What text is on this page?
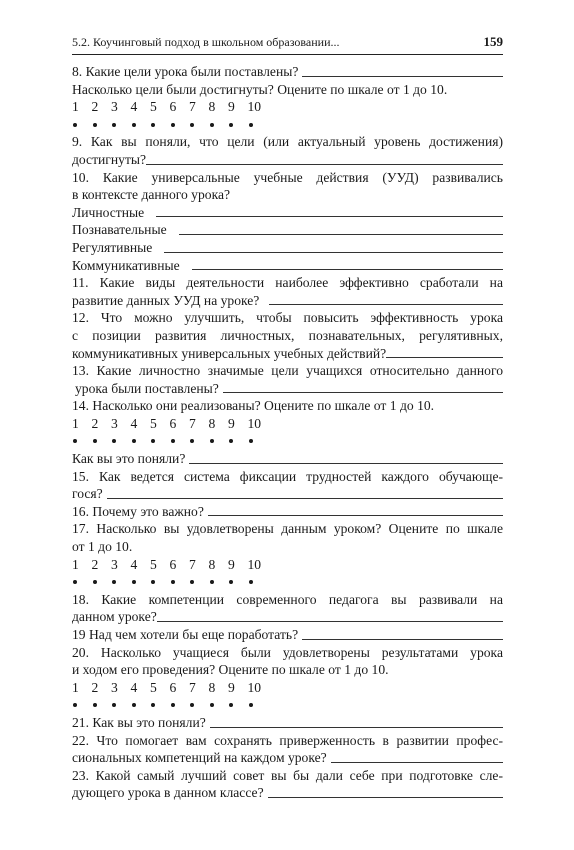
5.2. Коучинговый подход в школьном образовании...	159
8. Какие цели урока были поставлены?
Насколько цели были достигнуты? Оцените по шкале от 1 до 10.
1 2 3 4 5 6 7 8 9 10
9. Как вы поняли, что цели (или актуальный уровень достижения)
достигнуты?
10. Какие универсальные учебные действия (УУД) развивались
в контексте данного урока?
Личностные
Познавательные
Регулятивные
Коммуникативные
11. Какие виды деятельности наиболее эффективно сработали на
развитие данных УУД на уроке?
12. Что можно улучшить, чтобы повысить эффективность урока
с позиции развития личностных, познавательных, регулятивных,
коммуникативных универсальных учебных действий?
13. Какие личностно значимые цели учащихся относительно данного
урока были поставлены?
14. Насколько они реализованы? Оцените по шкале от 1 до 10.
1 2 3 4 5 6 7 8 9 10
Как вы это поняли?
15. Как ведется система фиксации трудностей каждого обучающе-
гося?
16. Почему это важно?
17. Насколько вы удовлетворены данным уроком? Оцените по шкале
от 1 до 10.
1 2 3 4 5 6 7 8 9 10
18. Какие компетенции современного педагога вы развивали на
данном уроке?
19 Над чем хотели бы еще поработать?
20. Насколько учащиеся были удовлетворены результатами урока
и ходом его проведения? Оцените по шкале от 1 до 10.
1 2 3 4 5 6 7 8 9 10
21. Как вы это поняли?
22. Что помогает вам сохранять приверженность в развитии профес-
сиональных компетенций на каждом уроке?
23. Какой самый лучший совет вы бы дали себе при подготовке сле-
дующего урока в данном классе?
